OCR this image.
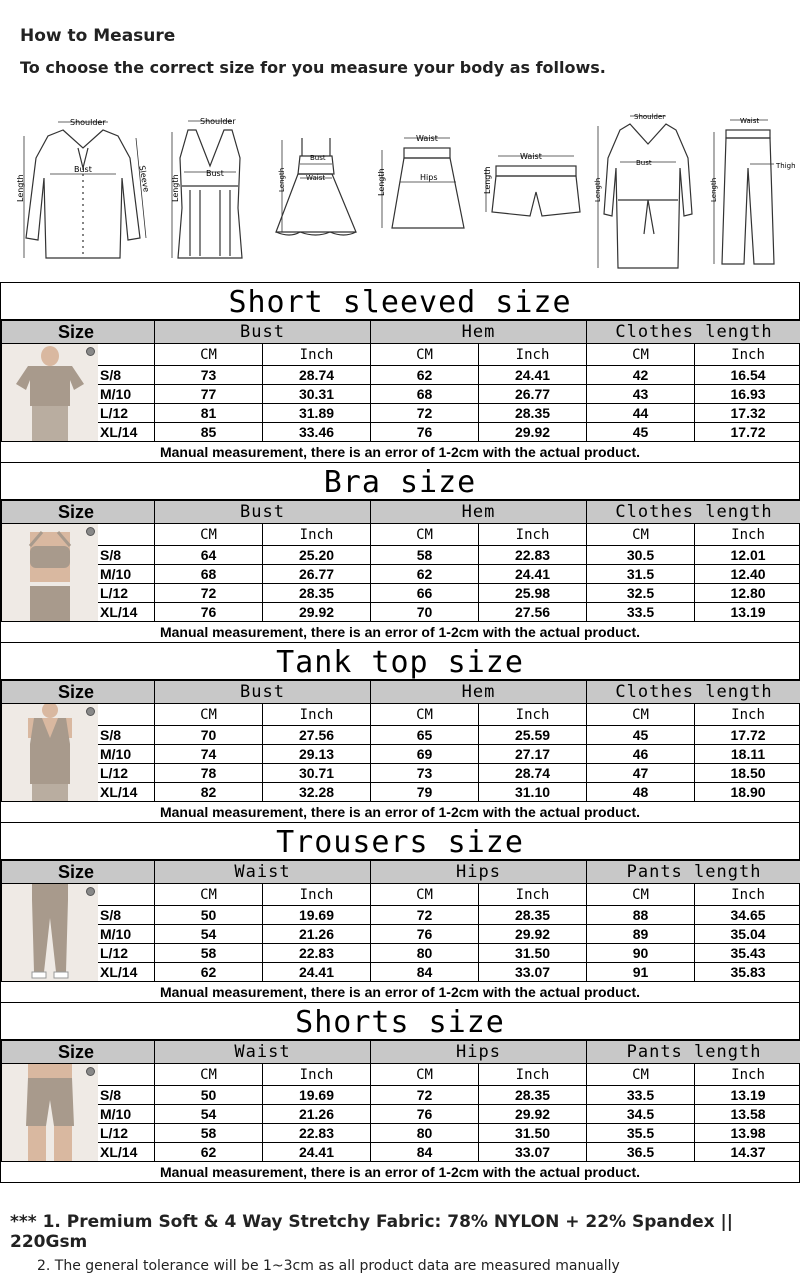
How to Measure

To choose the correct size for you measure your body as follows.

Shoulder
Length
Bust	Sleeve
Shoulder
Length
Bust
Bust
Length	Waist
Waist
Length	Hips
Waist
Length
Shoulder
Length
Bust
Waist
Length
Thigh
Short sleeved size
Size		Bust		Hem		Clothes length	

		CM	Inch	CM	Inch	CM	Inch
	S/8	73	28.74	62	24.41	42	16.54
	M/10	77	30.31	68	26.77	43	16.93
	L/12	81	31.89	72	28.35	44	17.32
	XL/14	85	33.46	76	29.92	45	17.72
Manual measurement, there is an error of 1-2cm with the actual product.
Bra size
Size		Bust		Hem		Clothes length	

		CM	Inch	CM	Inch	CM	Inch
	S/8	64	25.20	58	22.83	30.5	12.01
	M/10	68	26.77	62	24.41	31.5	12.40
	L/12	72	28.35	66	25.98	32.5	12.80
	XL/14	76	29.92	70	27.56	33.5	13.19
Manual measurement, there is an error of 1-2cm with the actual product.
Tank top size
Size		Bust		Hem		Clothes length	

		CM	Inch	CM	Inch	CM	Inch
	S/8	70	27.56	65	25.59	45	17.72
	M/10	74	29.13	69	27.17	46	18.11
	L/12	78	30.71	73	28.74	47	18.50
	XL/14	82	32.28	79	31.10	48	18.90
Manual measurement, there is an error of 1-2cm with the actual product.
Trousers size
Size		Waist		Hips		Pants length	

		CM	Inch	CM	Inch	CM	Inch
	S/8	50	19.69	72	28.35	88	34.65
	M/10	54	21.26	76	29.92	89	35.04
	L/12	58	22.83	80	31.50	90	35.43
	XL/14	62	24.41	84	33.07	91	35.83
Manual measurement, there is an error of 1-2cm with the actual product.
Shorts size
Size		Waist		Hips		Pants length	

		CM	Inch	CM	Inch	CM	Inch
	S/8	50	19.69	72	28.35	33.5	13.19
	M/10	54	21.26	76	29.92	34.5	13.58
	L/12	58	22.83	80	31.50	35.5	13.98
	XL/14	62	24.41	84	33.07	36.5	14.37
Manual measurement, there is an error of 1-2cm with the actual product.

*** 1. Premium Soft & 4 Way Stretchy Fabric: 78% NYLON + 22% Spandex || 220Gsm

2. The general tolerance will be 1~3cm as all product data are measured manually
